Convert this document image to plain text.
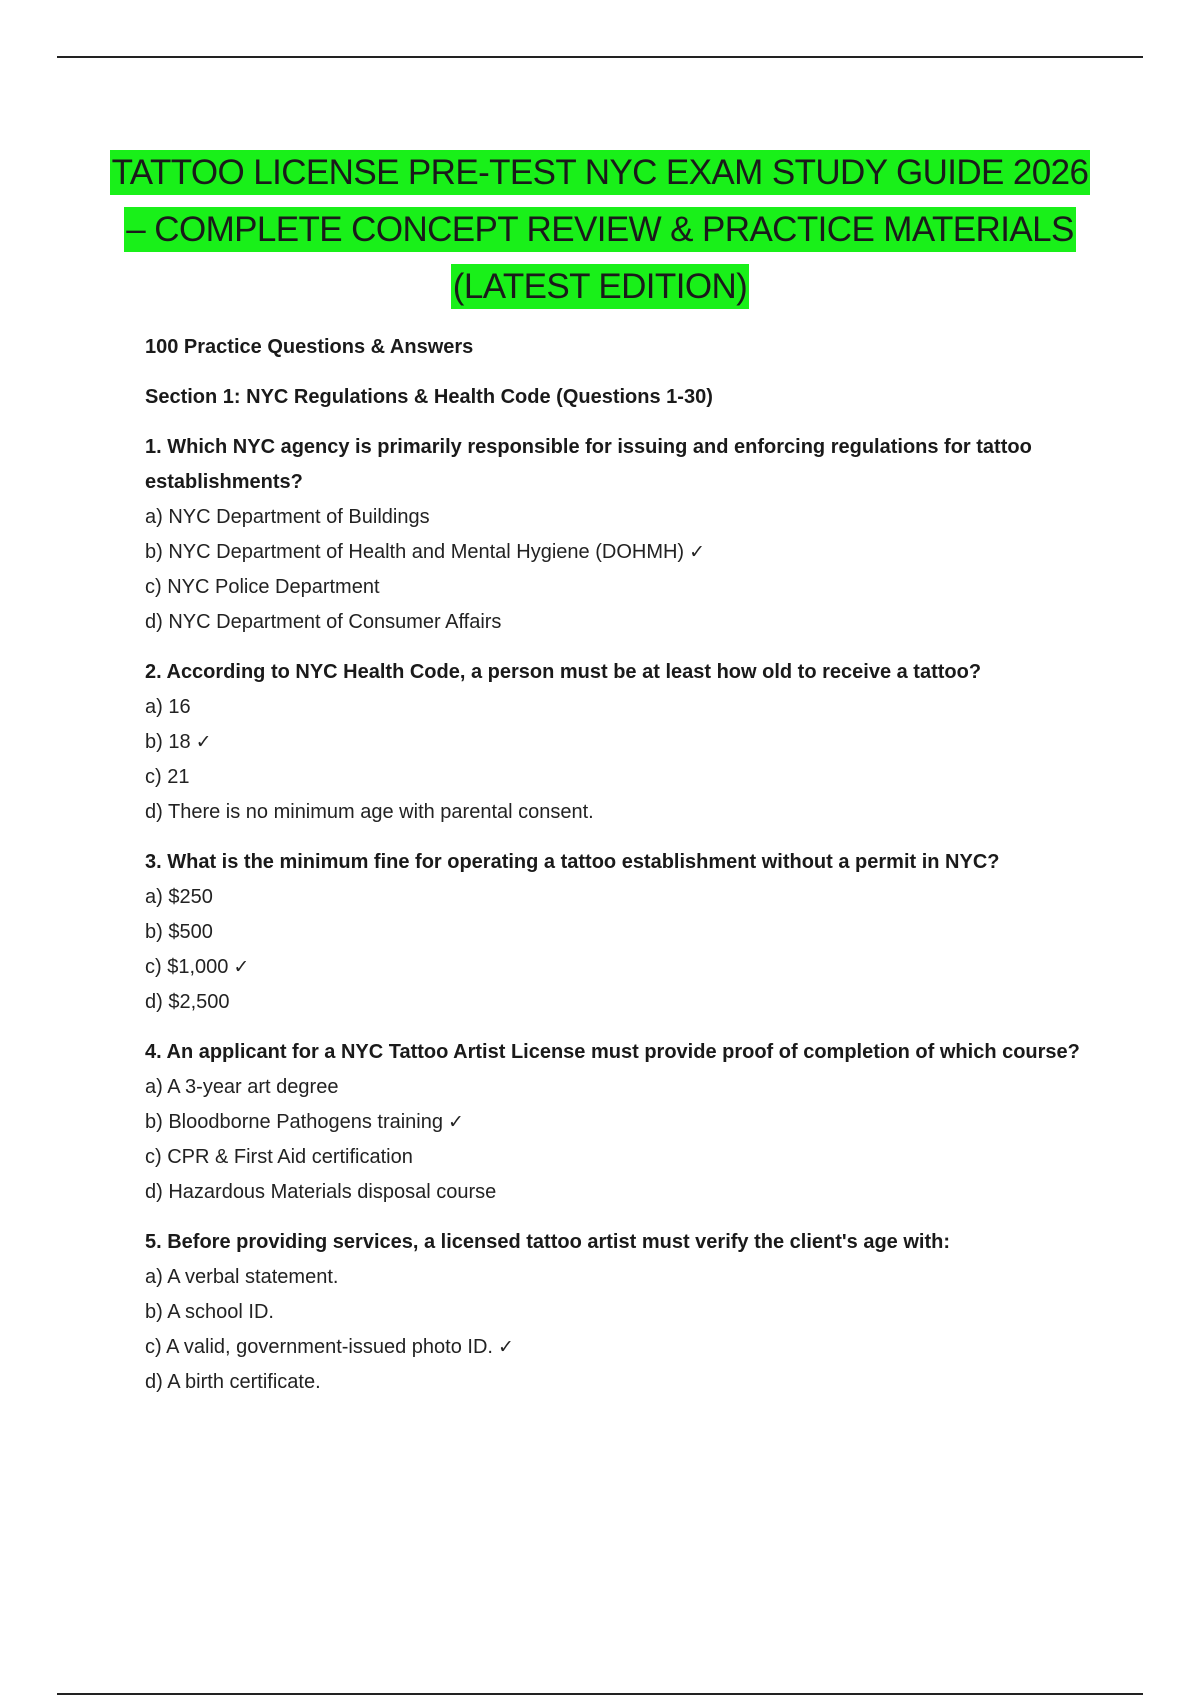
TATTOO LICENSE PRE-TEST NYC EXAM STUDY GUIDE 2026
– COMPLETE CONCEPT REVIEW & PRACTICE MATERIALS
(LATEST EDITION)

100 Practice Questions & Answers

Section 1: NYC Regulations & Health Code (Questions 1-30)

1. Which NYC agency is primarily responsible for issuing and enforcing regulations for tattoo establishments?

a) NYC Department of Buildings

b) NYC Department of Health and Mental Hygiene (DOHMH) ✓

c) NYC Police Department

d) NYC Department of Consumer Affairs

2. According to NYC Health Code, a person must be at least how old to receive a tattoo?

a) 16

b) 18 ✓

c) 21

d) There is no minimum age with parental consent.

3. What is the minimum fine for operating a tattoo establishment without a permit in NYC?

a) $250

b) $500

c) $1,000 ✓

d) $2,500

4. An applicant for a NYC Tattoo Artist License must provide proof of completion of which course?

a) A 3-year art degree

b) Bloodborne Pathogens training ✓

c) CPR & First Aid certification

d) Hazardous Materials disposal course

5. Before providing services, a licensed tattoo artist must verify the client's age with:

a) A verbal statement.

b) A school ID.

c) A valid, government-issued photo ID. ✓

d) A birth certificate.
